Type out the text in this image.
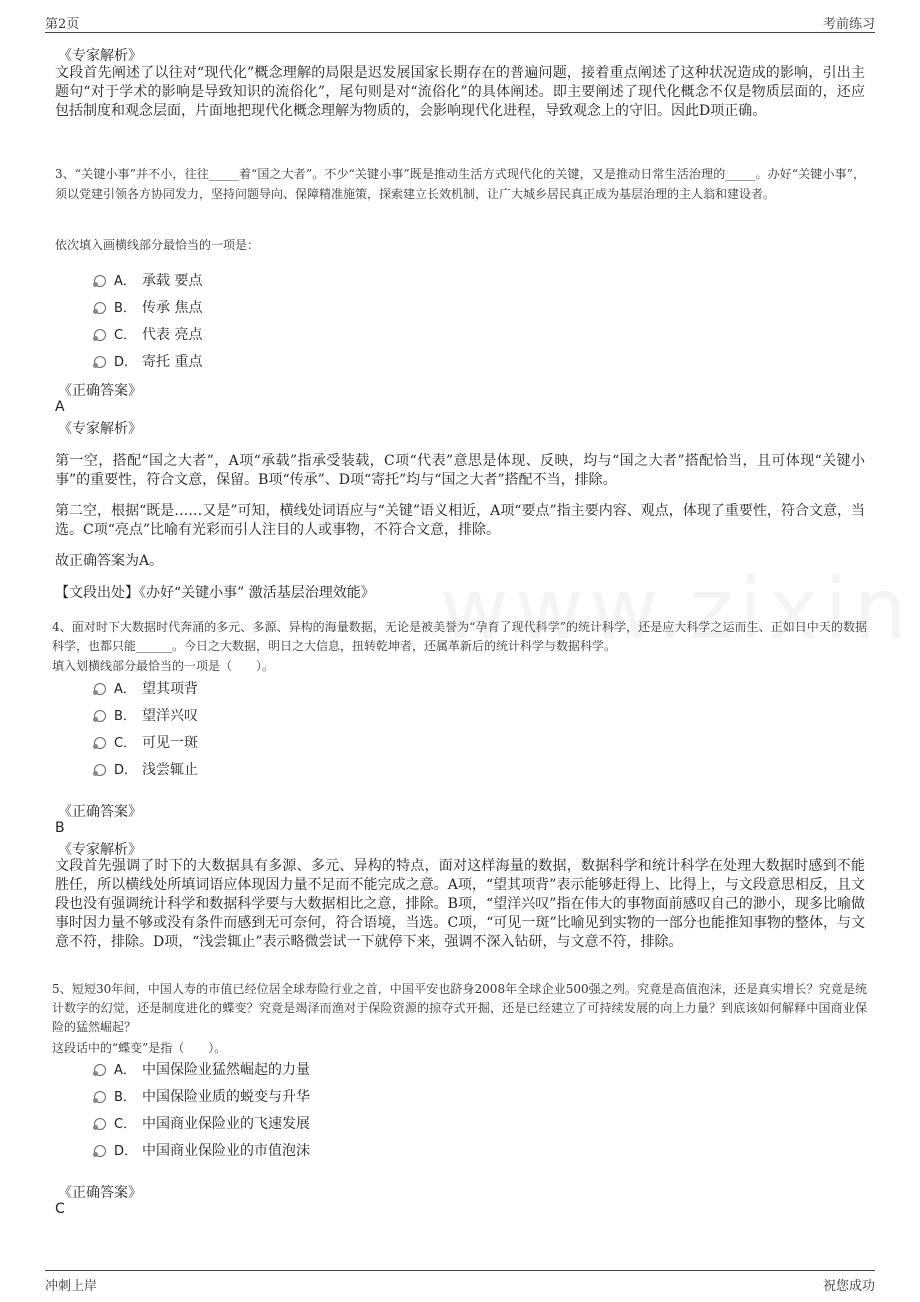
第2页	考前练习
《专家解析》
文段首先阐述了以往对“现代化”概念理解的局限是迟发展国家长期存在的普遍问题，接着重点阐述了这种状况造成的影响，引出主题句“对于学术的影响是导致知识的流俗化”，尾句则是对“流俗化”的具体阐述。即主要阐述了现代化概念不仅是物质层面的，还应包括制度和观念层面，片面地把现代化概念理解为物质的，会影响现代化进程，导致观念上的守旧。因此D项正确。
3、“关键小事”并不小，往往_____着“国之大者”。不少“关键小事”既是推动生活方式现代化的关键，又是推动日常生活治理的_____。办好“关键小事”，须以党建引领各方协同发力，坚持问题导向、保障精准施策，探索建立长效机制，让广大城乡居民真正成为基层治理的主人翁和建设者。
依次填入画横线部分最恰当的一项是：
A． 承载 要点
B． 传承 焦点
C． 代表 亮点
D． 寄托 重点
《正确答案》
A
《专家解析》
第一空，搭配“国之大者”，A项“承载”指承受装载，C项“代表”意思是体现、反映，均与“国之大者”搭配恰当，且可体现“关键小事”的重要性，符合文意，保留。B项“传承”、D项“寄托”均与“国之大者”搭配不当，排除。
第二空，根据“既是……又是”可知，横线处词语应与“关键”语义相近，A项“要点”指主要内容、观点，体现了重要性，符合文意，当选。C项“亮点”比喻有光彩而引人注目的人或事物，不符合文意，排除。
故正确答案为A。
【文段出处】《办好“关键小事” 激活基层治理效能》
4、面对时下大数据时代奔涌的多元、多源、异构的海量数据，无论是被美誉为“孕育了现代科学”的统计科学，还是应大科学之运而生、正如日中天的数据科学，也都只能______。今日之大数据，明日之大信息，扭转乾坤者，还属革新后的统计科学与数据科学。
填入划横线部分最恰当的一项是（　　）。
A． 望其项背
B． 望洋兴叹
C． 可见一斑
D． 浅尝辄止
《正确答案》
B
《专家解析》
文段首先强调了时下的大数据具有多源、多元、异构的特点，面对这样海量的数据，数据科学和统计科学在处理大数据时感到不能胜任，所以横线处所填词语应体现因力量不足而不能完成之意。A项，“望其项背”表示能够赶得上、比得上，与文段意思相反，且文段也没有强调统计科学和数据科学要与大数据相比之意，排除。B项，“望洋兴叹”指在伟大的事物面前感叹自己的渺小，现多比喻做事时因力量不够或没有条件而感到无可奈何，符合语境，当选。C项，“可见一斑”比喻见到实物的一部分也能推知事物的整体，与文意不符，排除。D项，“浅尝辄止”表示略微尝试一下就停下来，强调不深入钻研，与文意不符，排除。
5、短短30年间，中国人寿的市值已经位居全球寿险行业之首，中国平安也跻身2008年全球企业500强之列。究竟是高值泡沫，还是真实增长？究竟是统计数字的幻觉，还是制度进化的蝶变？究竟是竭泽而渔对于保险资源的掠夺式开掘，还是已经建立了可持续发展的向上力量？到底该如何解释中国商业保险的猛然崛起？
这段话中的“蝶变”是指（　　）。
A． 中国保险业猛然崛起的力量
B． 中国保险业质的蜕变与升华
C． 中国商业保险业的飞速发展
D． 中国商业保险业的市值泡沫
《正确答案》
C
冲刺上岸	祝您成功
